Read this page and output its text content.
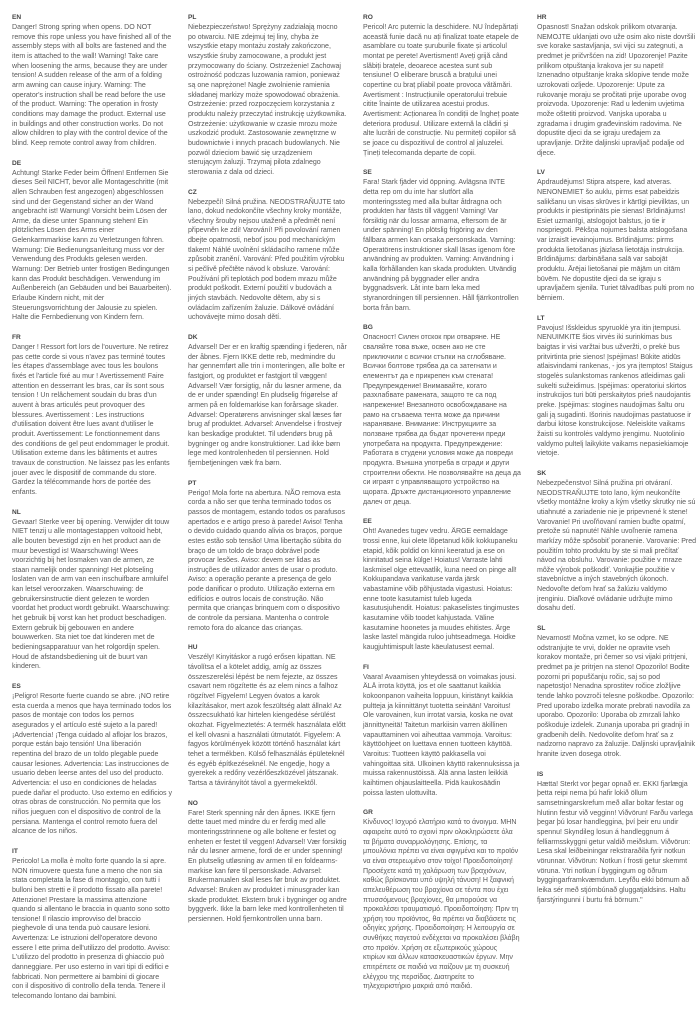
EN

Danger! Strong spring when opens. DO NOT remove this rope unless you have finished all of the assembly steps with all bolts are fastened and the item is attached to the wall! Warning! Take care when loosening the arms, because they are under tension! A sudden release of the arm of a folding arm awning can cause injury. Warning: The operator's instruction shall be read before the use of the product. Warning: The operation in frosty conditions may damage the product. External use in buildings and other construction works. Do not allow children to play with the control device of the blind. Keep remote control away from children.

DE

Achtung! Starke Feder beim Öffnen! Entfernen Sie dieses Seil NICHT, bevor alle Montageschritte (mit allen Schrauben fest angezogen) abgeschlossen sind und der Gegenstand sicher an der Wand angebracht ist! Warnung! Vorsicht beim Lösen der Arme, da diese unter Spannung stehen! Ein plötzliches Lösen des Arms einer Gelenkarmmarkise kann zu Verletzungen führen. Warnung: Die Bedienungsanleitung muss vor der Verwendung des Produkts gelesen werden. Warnung: Der Betrieb unter frostigen Bedingungen kann das Produkt beschädigen. Verwendung im Außenbereich (an Gebäuden und bei Bauarbeiten). Erlaube Kindern nicht, mit der Steuerungsvorrichtung der Jalousie zu spielen. Halte die Fernbedienung von Kindern fern.

FR

Danger ! Ressort fort lors de l'ouverture. Ne retirez pas cette corde si vous n'avez pas terminé toutes les étapes d'assemblage avec tous les boulons fixés et l'article fixé au mur ! Avertissement! Faire attention en desserrant les bras, car ils sont sous tension ! Un relâchement soudain du bras d'un auvent à bras articulés peut provoquer des blessures. Avertissement : Les instructions d'utilisation doivent être lues avant d'utiliser le produit. Avertissement: Le fonctionnement dans des conditions de gel peut endommager le produit. Utilisation externe dans les bâtiments et autres travaux de construction. Ne laissez pas les enfants jouer avec le dispositif de commande du store. Gardez la télécommande hors de portée des enfants.

NL

Gevaar! Sterke veer bij opening. Verwijder dit touw NIET tenzij u alle montagestappen voltooid hebt, alle bouten bevestigd zijn en het product aan de muur bevestigd is! Waarschuwing! Wees voorzichtig bij het losmaken van de armen, ze staan namelijk onder spanning! Het plotseling loslaten van de arm van een inschuifbare armluifel kan letsel veroorzaken. Waarschuwing: de gebruikersinstructie dient gelezen te worden voordat het product wordt gebruikt. Waarschuwing: het gebruik bij vorst kan het product beschadigen. Extern gebruik bij gebouwen en andere bouwwerken. Sta niet toe dat kinderen met de bedieningsapparatuur van het rolgordijn spelen. Houd de afstandsbediening uit de buurt van kinderen.

ES

¡Peligro! Resorte fuerte cuando se abre. ¡NO retire esta cuerda a menos que haya terminado todos los pasos de montaje con todos los pernos asegurados y el artículo esté sujeto a la pared! ¡Advertencia! ¡Tenga cuidado al aflojar los brazos, porque están bajo tensión! Una liberación repentina del brazo de un toldo plegable puede causar lesiones. Advertencia: Las instrucciones de usuario deben leerse antes del uso del producto. Advertencia: el uso en condiciones de heladas puede dañar el producto. Uso externo en edificios y otras obras de construcción. No permita que los niños jueguen con el dispositivo de control de la persiana. Mantenga el control remoto fuera del alcance de los niños.

IT

Pericolo! La molla è molto forte quando la si apre. NON rimuovere questa fune a meno che non sia stata completata la fase di montaggio, con tutti i bulloni ben stretti e il prodotto fissato alla parete! Attenzione! Prestare la massima attenzione quando si allentano le braccia in quanto sono sotto tensione! Il rilascio improvviso del braccio pieghevole di una tenda può causare lesioni. Avvertenza: Le istruzioni dell'operatore devono essere l ette prima dell'utilizzo del prodotto. Avviso: L'utilizzo del prodotto in presenza di ghiaccio può danneggiare. Per uso esterno in vari tipi di edifici e fabbricati. Non permettere ai bambini di giocare con il dispositivo di controllo della tenda. Tenere il telecomando lontano dai bambini.

PL

Niebezpieczeństwo! Sprężyny zadziałają mocno po otwarciu. NIE zdejmuj tej liny, chyba że wszystkie etapy montażu zostały zakończone, wszystkie śruby zamocowane, a produkt jest przymocowany do ściany. Ostrzeżenie! Zachowaj ostrożność podczas luzowania ramion, ponieważ są one naprężone! Nagłe zwolnienie ramienia składanej markizy może spowodować obrażenia. Ostrzeżenie: przed rozpoczęciem korzystania z produktu należy przeczytać instrukcję użytkownika. Ostrzeżenie: użytkowanie w czasie mrozu może uszkodzić produkt. Zastosowanie zewnętrzne w budownictwie i innych pracach budowlanych. Nie pozwól dzieciom bawić się urządzeniem sterującym żaluzji. Trzymaj pilota zdalnego sterowania z dala od dzieci.

CZ

Nebezpečí! Silná pružina. NEODSTRAŇUJTE tato lano, dokud nedokončíte všechny kroky montáže, všechny šrouby nejsou utaženě a předmět není připevněn ke zdi! Varování! Při povolování ramen dbejte opatrnosti, neboť jsou pod mechanickým tlakem! Náhlé uvolnění skládacího ramene může způsobit zranění. Varování: Před použitím výrobku si pečlivě přečtěte návod k obsluze. Varování: Používání při teplotách pod bodem mrazu může produkt poškodit. Externí použití v budovách a jiných stavbách. Nedovolte dětem, aby si s ovládacím zařízením žaluzie. Dálkové ovládání uchovávejte mimo dosah dětí.

DK

Advarsel! Der er en kraftig spænding i fjederen, når der åbnes. Fjern IKKE dette reb, medmindre du har gennemført alle trin i monteringen, alle bolte er fastgjort, og produktet er fastgjort til væggen! Advarsel! Vær forsigtig, når du løsner armene, da de er under spænding! En pludselig frigørelse af armen på en foldemarkise kan forårsage skader. Advarsel: Operatørens anvisninger skal læses før brug af produktet. Advarsel: Anvendelse i frostvejr kan beskadige produktet. Til udendørs brug på bygninger og andre konstruktioner. Lad ikke børn lege med kontrolenheden til persiennen. Hold fjernbetjeningen væk fra børn.

PT

Perigo! Mola forte na abertura. NÃO remova esta corda a não ser que tenha terminado todos os passos de montagem, estando todos os parafusos apertados e e artigo preso à parede! Aviso! Tenha o devido cuidado quando alivia os braços, porque estes estão sob tensão! Uma libertação súbita do braço de um toldo de braço dobrável pode provocar lesões. Aviso: devem ser lidas as instruções de utilizador antes de usar o produto. Aviso: a operação perante a presença de gelo pode danificar o produto. Utilização externa em edifícios e outros locais de construção. Não permita que crianças brinquem com o dispositivo de controle da persiana. Mantenha o controle remoto fora do alcance das crianças.

HU

Veszély! Kinyitáskor a rugó erősen kipattan. NE távolítsa el a kötelet addig, amíg az összes összeszerelési lépést be nem fejezte, az összes csavart nem rögzítette és az elem nincs a falhoz rögzítve! Figyelem! Legyen óvatos a karok kilazításakor, mert azok feszültség alatt állnak! Az összecsukható kar hirtelen kiengedése sérülést okozhat. Figyelmeztetés: A termék használata előtt el kell olvasni a használati útmutatót. Figyelem: A fagyos körülmények között történő használat kárt tehet a termékben. Külső felhasználás épületeknél és egyéb építkezéseknél. Ne engedje, hogy a gyerekek a redőny vezérlőeszközével játszanak. Tartsa a távirányítót távol a gyermekektől.

NO

Fare! Sterk spenning når den åpnes. IKKE fjern dette tauet med mindre du er ferdig med alle monteringsstrinnene og alle boltene er festet og enheten er festet til veggen! Advarsel! Vær forsiktig når du løsner armene, fordi de er under spenning! En plutselig utløsning av armen til en foldearms-markise kan føre til personskade. Advarsel: Brukermanualen skal leses før bruk av produktet. Advarsel: Bruken av produktet i minusgrader kan skade produktet. Ekstern bruk i bygninger og andre byggverk. Ikke la barn leke med kontrollenheten til persiennen. Hold fjernkontrollen unna barn.

RO

Pericol! Arc puternic la deschidere. NU îndepărtați această funie dacă nu ați finalizat toate etapele de asamblare cu toate șuruburile fixate și articolul montat pe perete! Avertisment! Aveți grijă când slăbiți brațele, deoarece acestea sunt sub tensiune! O eliberare bruscă a brațului unei copertine cu braț pliabil poate provoca vătămări. Avertisment : Instrucțiunile operatorului trebuie citite înainte de utilizarea acestui produs. Avertisment: Acționarea în condiții de îngheț poate deteriora produsul. Utilizare externă la clădiri și alte lucrări de construcție. Nu permiteți copiilor să se joace cu dispozitivul de control al jaluzelei. Țineți telecomanda departe de copii.

SE

Fara! Stark fjäder vid öppning. Avlägsna INTE detta rep om du inte har slutfört alla monteringssteg med alla bultar åtdragna och produkten har fästs till väggen! Varning! Var försiktig när du lossar armarna, eftersom de är under spänning! En plötslig frigöring av den fällbara armen kan orsaka personskada. Varning: Operatörens instruktioner skall läsas igenom före användning av produkten. Varning: Användning i kalla förhållanden kan skada produkten. Utvändig användning på byggnader eller andra byggnadsverk. Låt inte barn leka med styranordningen till persiennen. Håll fjärrkontrollen borta från barn.

BG

Опасност! Силен отскок при отваряне. НЕ сваляйте това въже, освен ако не сте приключили с всички стъпки на сглобяване. Всички болтове трябва да са затегнати и елементът да е прикрепен към стената! Предупреждение! Внимавайте, когато разхлабвате рамената, защото те са под напрежение! Внезапното освобождаване на рамо на сгъваема тента може да причини нараняване. Внимание: Инструкциите за ползване трябва да бъдат прочетени преди употребата на продукта. Предупреждение: Работата в студени условия може да повреди продукта. Външна употреба в сгради и други строителни обекти. Не позволявайте на деца да си играят с управляващото устройство на щората. Дръжте дистанционното управление далеч от деца.

EE

Oht! Avanedes tugev vedru. ÄRGE eemaldage trossi enne, kui olete lõpetanud kõik kokkupaneku etapid, kõik poldid on kinni keeratud ja ese on kinnitatud seina külge! Hoiatus! Varraste lahti laskmisel olge ettevaatlik, kuna need on pinge all! Kokkupandava varikatuse varda järsk vabastamine võib põhjustada vigastusi. Hoiatus: enne toote kasutamist tuleb lugeda kasutusjuhendit. Hoiatus: pakaselistes tingimustes kasutamine võib toodet kahjustada. Väline kasutamine hoonetes ja muudes ehitistes. Ärge laske lastel mängida ruloo juhtseadmega. Hoidke kaugjuhtimispult laste käeulatusest eemal.

FI

Vaara! Avaamisen yhteydessä on voimakas jousi. ÄLÄ irrota köyttä, jos et ole saattanut kaikkia kokoonpanon vaiheita loppuun, kiristänyt kaikkia pultteja ja kiinnittänyt tuotetta seinään! Varoitus! Ole varovainen, kun irrotat varsia, koska ne ovat jännittyneitä! Taitetun markiisin varren äkillinen vapauttaminen voi aiheuttaa vammoja. Varoitus: käyttöohjeet on luettava ennen tuotteen käyttöä. Varoitus: Tuotteen käyttö pakkasella voi vahingoittaa sitä. Ulkoinen käyttö rakennuksissa ja muissa rakennustöissä. Älä anna lasten leikkiä kaihtimen ohjauslaitteella. Pidä kaukosäädin poissa lasten ulottuvilta.

GR

Κίνδυνος! Ισχυρό ελατήριο κατά το άνοιγμα. ΜΗΝ αφαιρείτε αυτό το σχοινί πριν ολοκληρώσετε όλα τα βήματα συναρμολόγησης. Επίσης, τα μπουλόνια πρέπει να είναι σφιγμένα και το προϊόν να είναι στερεωμένο στον τοίχο! Προειδοποίηση! Προσέχετε κατά τη χαλάρωση των βραχιόνων, καθώς βρίσκονται υπό υψηλή τάνυση! Η ξαφνική απελευθέρωση του βραχίονα σε τέντα που έχει πτυσσόμενους βραχίονες, θα μπορούσε να προκαλέσει τραυματισμό. Προειδοποίηση: Πριν τη χρήση του προϊόντος, θα πρέπει να διαβάσετε τις οδηγίες χρήσης. Προειδοποίηση: Η λειτουργία σε συνθήκες παγετού ενδέχεται να προκαλέσει βλάβη στο προϊόν. Χρήση σε εξωτερικούς χώρους κτιρίων και άλλων κατασκευαστικών έργων. Μην επιτρέπετε σε παιδιά να παίζουν με τη συσκευή ελέγχου της περσίδας. Διατηρείτε το τηλεχειριστήριο μακριά από παιδιά.

HR

Opasnost! Snažan odskok prilikom otvaranja. NEMOJTE uklanjati ovo uže osim ako niste dovršili sve korake sastavljanja, svi vijci su zategnuti, a predmet je pričvršćen na zid! Upozorenje! Pazite prilikom otpuštanja krakova jer su napeti! Iznenadno otpuštanje kraka sklopive tende može uzrokovati ozljede. Upozorenje: Upute za rukovanje moraju se pročitati prije uporabe ovog proizvoda. Upozorenje: Rad u ledenim uvjetima može oštetiti proizvod. Vanjska uporaba u zgradama i drugim građevinskim radovima. Ne dopustite djeci da se igraju uređajem za upravljanje. Držite daljinski upravljač podalje od djece.

LV

Apdraudējums! Stipra atspere, kad atveras. NENONEMIET šo auklu, pirms esat pabeidzis salikšanu un visas skrūves ir kārtīgi pievilktas, un produkts ir piestiprināts pie sienas! Brīdinājums! Esiet uzmanīgi, atslogojot balstus, jo tie ir nospriegoti. Pēkšņa nojumes balsta atslogošana var izraisīt ievainojumus. Brīdinājums: pirms produkta lietošanas jāizlasa lietotāja instrukcija. Brīdinājums: darbināšana salā var sabojāt produktu. Ārējai lietošanai pie mājām un citām būvēm. Ne dopustite djeci da se igraju s upravljačem sjenila. Turiet tālvadības pulti prom no bērniem.

LT

Pavojus! Išskleidus spyruoklė yra itin įtempusi. NENUIMKITE šios virvės iki surinkimas bus baigtas ir visi varžtai bus užveržti, o prekė bus pritvirtinta prie sienos! Įspėjimas! Būkite atidūs atlaisvindami rankenas, - jos yra įtemptos! Staigus stogelės sulankstomas rankenos atleidimas gali sukelti sužeidimus. Įspėjimas: operatoriui skirtos instrukcijos turi būti perskaitytos prieš naudojantis preke. Įspėjimas: stogines naudojimas šaltu oru gali ją sugadinti. Išorinis naudojimas pastatuose ir darbui kitose konstrukcijose. Neleiskite vaikams žaisti su kontrolės valdymo įrengimu. Nuotolinio valdymo pultelį laikykite vaikams nepasiekiamoje vietoje.

SK

Nebezpečenstvo! Silná pružina pri otváraní. NEODSTRAŇUJTE toto lano, kým neukončíte všetky montážne kroky a kým všetky skrutky nie sú utiahnuté a zariadenie nie je pripevnené k stene! Varovanie! Pri uvoľňovaní ramien buďte opatrní, pretože sú napnuté! Náhle uvoľnenie ramena markízy môže spôsobiť poranenie. Varovanie: Pred použitím tohto produktu by ste si mali prečítať návod na obsluhu. Varovanie: použitie v mraze môže výrobok poškodiť. Vonkajšie použitie v stavebníctve a iných stavebných úkonoch. Nedovoľte deťom hrať sa žalúziu valdymo įrenginiu. Diaľkové ovládanie udržujte mimo dosahu detí.

SL

Nevarnost! Močna vzmet, ko se odpre. NE odstranjujte te vrvi, dokler ne opravite vseh korakov montaže, pri čemer so vsi vijaki pritrjeni, predmet pa je pritrjen na steno! Opozorilo! Bodite pozorni pri popuščanju ročic, saj so pod napetostjo! Nenadna sprostitev ročice zložljive tende lahko povzroči telesne poškodbe. Opozorilo: Pred uporabo izdelka morate prebrati navodila za uporabo. Opozorilo: Uporaba ob zmrzali lahko poškoduje izdelek. Zunanja uporaba pri gradnji in gradbenih delih. Nedovolite deťom hrať sa z nadzorno napravo za žaluzije. Daljinski upravljalnik hranite izven dosega otrok.

IS

Hætta! Sterkt vor þegar opnað er. EKKI fjarlægja þetta reipi nema þú hafir lokið öllum samsetningarskrefum með allar boltar festar og hlutinn festur við vegginn! Viðvörun! Farðu varlega þegar þú losar handleggina, því þeir eru undir spennu! Skyndileg losun á handleggnum á felliarmsskyggni getur valdið meiðslum. Viðvörun: Lesa skal leiðbeiningar rekstraraðila fyrir notkun vörunnar. Viðvörun: Notkun í frosti getur skemmt vöruna. Ytri notkun í byggingum og öðrum byggingarframkvæmdum. Leyfðu ekki börnum að leika sér með stjórnbúnað gluggatjaldsins. Haltu fjarstýringunni í burtu frá börnum."
